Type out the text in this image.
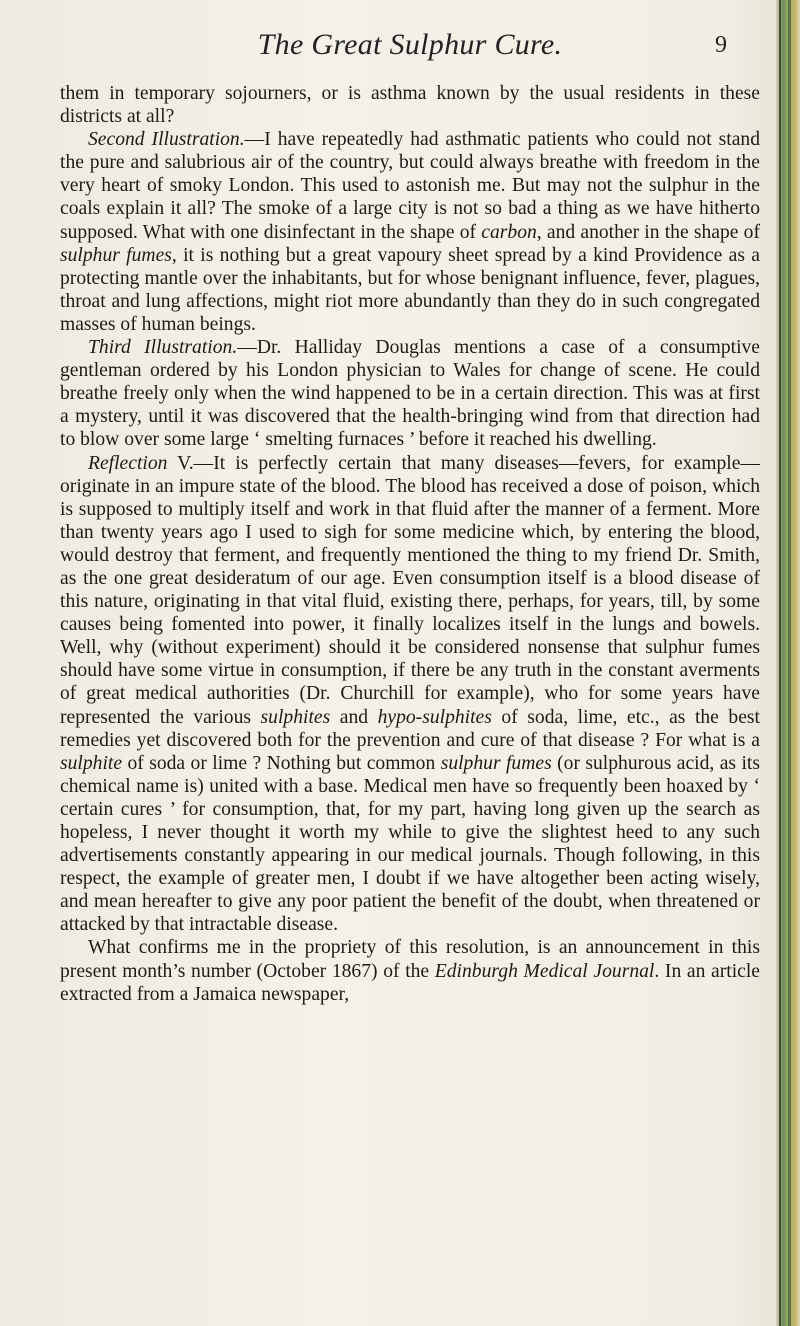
The Great Sulphur Cure.	9

them in temporary sojourners, or is asthma known by the usual residents in these districts at all?

Second Illustration.—I have repeatedly had asthmatic patients who could not stand the pure and salubrious air of the country, but could always breathe with freedom in the very heart of smoky London. This used to astonish me. But may not the sulphur in the coals explain it all? The smoke of a large city is not so bad a thing as we have hitherto supposed. What with one disinfectant in the shape of carbon, and another in the shape of sulphur fumes, it is nothing but a great vapoury sheet spread by a kind Providence as a protecting mantle over the inhabitants, but for whose benignant influence, fever, plagues, throat and lung affections, might riot more abundantly than they do in such congregated masses of human beings.

Third Illustration.—Dr. Halliday Douglas mentions a case of a consumptive gentleman ordered by his London physician to Wales for change of scene. He could breathe freely only when the wind happened to be in a certain direction. This was at first a mystery, until it was discovered that the health-bringing wind from that direction had to blow over some large ‘ smelting furnaces ’ before it reached his dwelling.

Reflection V.—It is perfectly certain that many diseases—fevers, for example—originate in an impure state of the blood. The blood has received a dose of poison, which is supposed to multiply itself and work in that fluid after the manner of a ferment. More than twenty years ago I used to sigh for some medicine which, by entering the blood, would destroy that ferment, and frequently mentioned the thing to my friend Dr. Smith, as the one great desideratum of our age. Even consumption itself is a blood disease of this nature, originating in that vital fluid, existing there, perhaps, for years, till, by some causes being fomented into power, it finally localizes itself in the lungs and bowels. Well, why (without experiment) should it be considered nonsense that sulphur fumes should have some virtue in consumption, if there be any truth in the constant averments of great medical authorities (Dr. Churchill for example), who for some years have represented the various sulphites and hypo-sulphites of soda, lime, etc., as the best remedies yet discovered both for the prevention and cure of that disease ? For what is a sulphite of soda or lime ? Nothing but common sulphur fumes (or sulphurous acid, as its chemical name is) united with a base. Medical men have so frequently been hoaxed by ‘ certain cures ’ for consumption, that, for my part, having long given up the search as hopeless, I never thought it worth my while to give the slightest heed to any such advertisements constantly appearing in our medical journals. Though following, in this respect, the example of greater men, I doubt if we have altogether been acting wisely, and mean hereafter to give any poor patient the benefit of the doubt, when threatened or attacked by that intractable disease.

What confirms me in the propriety of this resolution, is an announcement in this present month’s number (October 1867) of the Edinburgh Medical Journal. In an article extracted from a Jamaica newspaper,
